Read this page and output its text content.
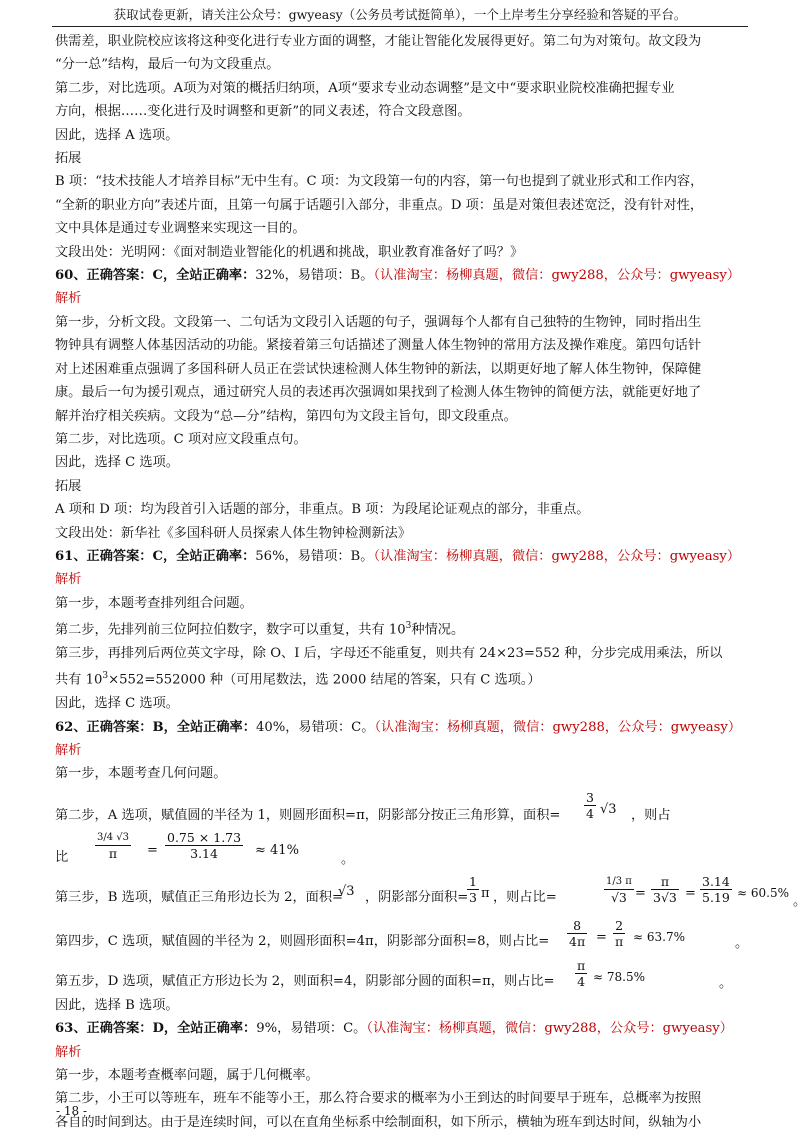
获取试卷更新，请关注公众号：gwyeasy（公务员考试挺简单），一个上岸考生分享经验和答疑的平台。
供需差，职业院校应该将这种变化进行专业方面的调整，才能让智能化发展得更好。第二句为对策句。故文段为
“分一总”结构，最后一句为文段重点。
第二步，对比选项。A项为对策的概括归纳项，A项“要求专业动态调整”是文中“要求职业院校准确把握专业
方向，根据……变化进行及时调整和更新”的同义表述，符合文段意图。
因此，选择 A 选项。
拓展
B 项：“技术技能人才培养目标”无中生有。C 项：为文段第一句的内容，第一句也提到了就业形式和工作内容，
“全新的职业方向”表述片面，且第一句属于话题引入部分，非重点。D 项：虽是对策但表述宽泛，没有针对性，
文中具体是通过专业调整来实现这一目的。
文段出处：光明网：《面对制造业智能化的机遇和挑战，职业教育准备好了吗？》
60、正确答案：C，全站正确率：32%，易错项：B。（认准淘宝：杨柳真题，微信：gwy288，公众号：gwyeasy）
解析
第一步，分析文段。文段第一、二句话为文段引入话题的句子，强调每个人都有自己独特的生物钟，同时指出生
物钟具有调整人体基因活动的功能。紧接着第三句话描述了测量人体生物钟的常用方法及操作难度。第四句话针
对上述困难重点强调了多国科研人员正在尝试快速检测人体生物钟的新法，以期更好地了解人体生物钟，保障健
康。最后一句为援引观点，通过研究人员的表述再次强调如果找到了检测人体生物钟的简便方法，就能更好地了
解并治疗相关疾病。文段为“总—分”结构，第四句为文段主旨句，即文段重点。
第二步，对比选项。C 项对应文段重点句。
因此，选择 C 选项。
拓展
A 项和 D 项：均为段首引入话题的部分，非重点。B 项：为段尾论证观点的部分，非重点。
文段出处：新华社《多国科研人员探索人体生物钟检测新法》
61、正确答案：C，全站正确率：56%，易错项：B。（认准淘宝：杨柳真题，微信：gwy288，公众号：gwyeasy）
解析
第一步，本题考查排列组合问题。
第二步，先排列前三位阿拉伯数字，数字可以重复，共有 $10^3$种情况。
第三步，再排列后两位英文字母，除 O、I 后，字母还不能重复，则共有 24×23=552 种，分步完成用乘法，所以
共有 $10^3\times 552=552000$ 种（可用尾数法，选 2000 结尾的答案，只有 C 选项。）
因此，选择 C 选项。
62、正确答案：B，全站正确率：40%，易错项：C。（认准淘宝：杨柳真题，微信：gwy288，公众号：gwyeasy）
解析
第一步，本题考查几何问题。
第二步，A 选项，赋值圆的半径为 1，则圆形面积=π，阴影部分按正三角形算，面积= $\frac{3}{4} √3$ ，则占
比
3/4 √3
π	= $\frac{0.75 \times 1.73}{3.14} \approx 41\%$
。
第三步，B 选项，赋值正三角形边长为 2，面积=
√3 ，阴影部分面积=
$\frac{1}{3}$ π ，则占比=
1/3 π
$√3 = \frac{\pi}{3√3} = \frac{3.14}{5.19} \approx 60.5\%$
。
第四步，C 选项，赋值圆的半径为 2，则圆形面积=4π，阴影部分面积=8，则占比= $\frac{8}{4\pi} = \frac{2}{\pi} \approx 63.7\%$	。
第五步，D 选项，赋值正方形边长为 2，则面积=4，阴影部分圆的面积=π，则占比= $\frac{\pi}{4} \approx 78.5\%$	。
因此，选择 B 选项。
63、正确答案：D，全站正确率：9%，易错项：C。（认准淘宝：杨柳真题，微信：gwy288，公众号：gwyeasy）
解析
第一步，本题考查概率问题，属于几何概率。
第二步，小王可以等班车，班车不能等小王，那么符合要求的概率为小王到达的时间要早于班车，总概率为按照
各自的时间到达。由于是连续时间，可以在直角坐标系中绘制面积，如下所示，横轴为班车到达时间，纵轴为小
- 18 -
